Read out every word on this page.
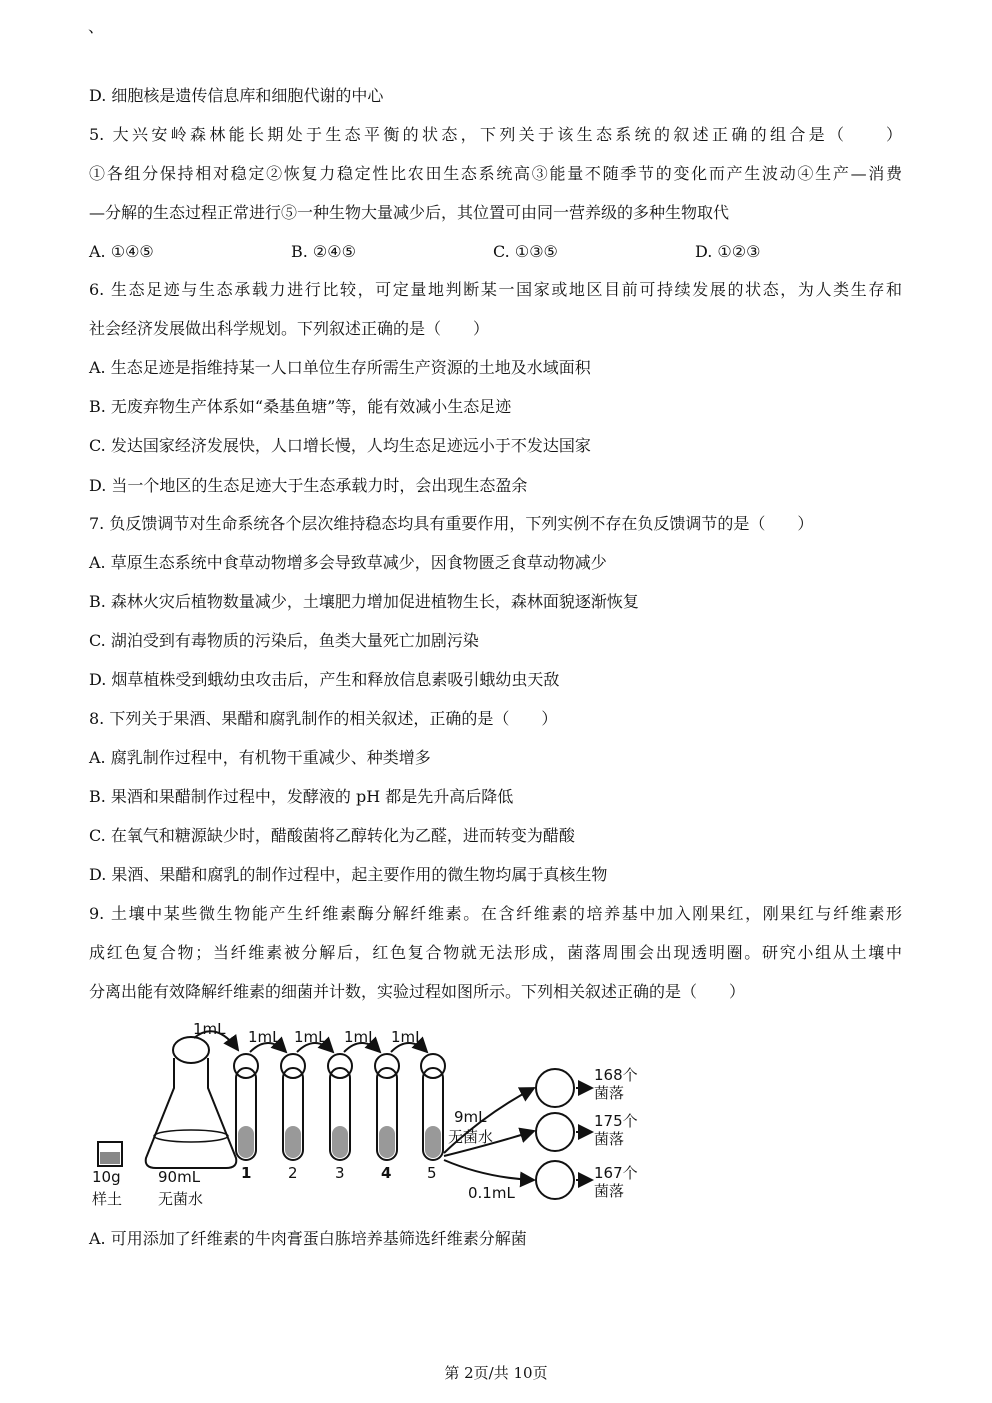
、
D. 细胞核是遗传信息库和细胞代谢的中心
5. 大兴安岭森林能长期处于生态平衡的状态，下列关于该生态系统的叙述正确的组合是（　　）
①各组分保持相对稳定②恢复力稳定性比农田生态系统高③能量不随季节的变化而产生波动④生产—消费
—分解的生态过程正常进行⑤一种生物大量减少后，其位置可由同一营养级的多种生物取代
A. ①④⑤	B. ②④⑤	C. ①③⑤	D. ①②③
6. 生态足迹与生态承载力进行比较，可定量地判断某一国家或地区目前可持续发展的状态，为人类生存和
社会经济发展做出科学规划。下列叙述正确的是（　　）
A. 生态足迹是指维持某一人口单位生存所需生产资源的土地及水域面积
B. 无废弃物生产体系如“桑基鱼塘”等，能有效减小生态足迹
C. 发达国家经济发展快，人口增长慢，人均生态足迹远小于不发达国家
D. 当一个地区的生态足迹大于生态承载力时，会出现生态盈余
7. 负反馈调节对生命系统各个层次维持稳态均具有重要作用，下列实例不存在负反馈调节的是（　　）
A. 草原生态系统中食草动物增多会导致草减少，因食物匮乏食草动物减少
B. 森林火灾后植物数量减少，土壤肥力增加促进植物生长，森林面貌逐渐恢复
C. 湖泊受到有毒物质的污染后，鱼类大量死亡加剧污染
D. 烟草植株受到蛾幼虫攻击后，产生和释放信息素吸引蛾幼虫天敌
8. 下列关于果酒、果醋和腐乳制作的相关叙述，正确的是（　　）
A. 腐乳制作过程中，有机物干重减少、种类增多
B. 果酒和果醋制作过程中，发酵液的 pH 都是先升高后降低
C. 在氧气和糖源缺少时，醋酸菌将乙醇转化为乙醛，进而转变为醋酸
D. 果酒、果醋和腐乳的制作过程中，起主要作用的微生物均属于真核生物
9. 土壤中某些微生物能产生纤维素酶分解纤维素。在含纤维素的培养基中加入刚果红，刚果红与纤维素形
成红色复合物；当纤维素被分解后，红色复合物就无法形成，菌落周围会出现透明圈。研究小组从土壤中
分离出能有效降解纤维素的细菌并计数，实验过程如图所示。下列相关叙述正确的是（　　）
1mL 1mL 1mL 1mL 1mL
10g
样土
90mL
无菌水
1 2 3 4 5
9mL
无菌水
0.1mL
168个
菌落
175个
菌落
167个
菌落
A. 可用添加了纤维素的牛肉膏蛋白胨培养基筛选纤维素分解菌
第 2页/共 10页
